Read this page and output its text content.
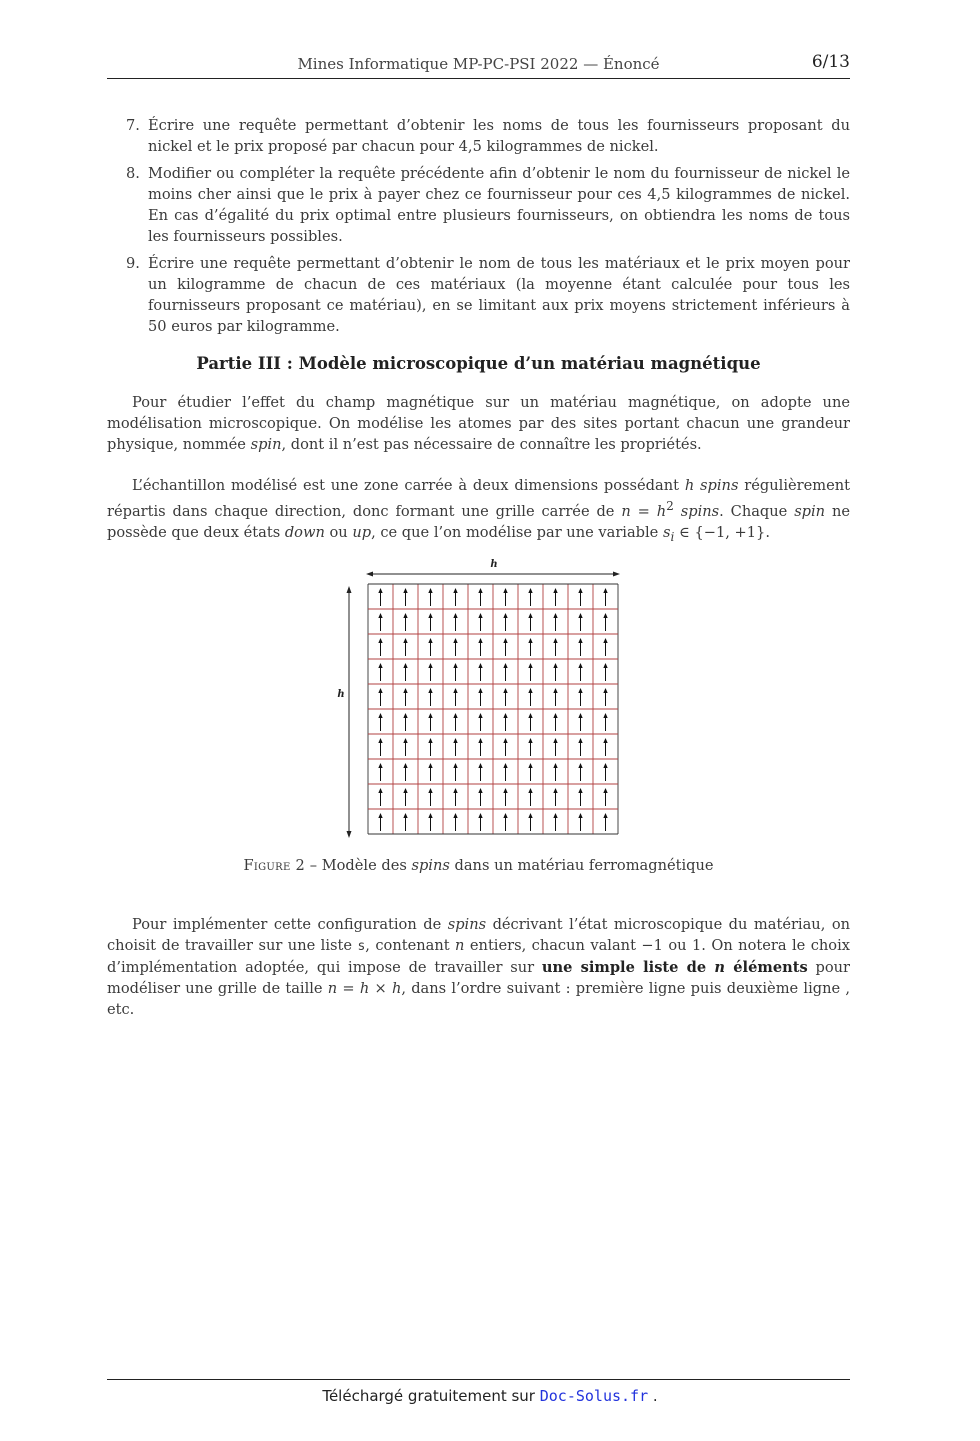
Mines Informatique MP-PC-PSI 2022 — Énoncé	6/13
7. Écrire une requête permettant d’obtenir les noms de tous les fournisseurs proposant du nickel et le prix proposé par chacun pour 4,5 kilogrammes de nickel.
8. Modifier ou compléter la requête précédente afin d’obtenir le nom du fournisseur de nickel le moins cher ainsi que le prix à payer chez ce fournisseur pour ces 4,5 kilogrammes de nickel. En cas d’égalité du prix optimal entre plusieurs fournisseurs, on obtiendra les noms de tous les fournisseurs possibles.
9. Écrire une requête permettant d’obtenir le nom de tous les matériaux et le prix moyen pour un kilogramme de chacun de ces matériaux (la moyenne étant calculée pour tous les fournisseurs proposant ce matériau), en se limitant aux prix moyens strictement inférieurs à 50 euros par kilogramme.
Partie III : Modèle microscopique d’un matériau magnétique

Pour étudier l’effet du champ magnétique sur un matériau magnétique, on adopte une modélisation microscopique. On modélise les atomes par des sites portant chacun une grandeur physique, nommée spin, dont il n’est pas nécessaire de connaître les propriétés.

L’échantillon modélisé est une zone carrée à deux dimensions possédant h spins régulièrement répartis dans chaque direction, donc formant une grille carrée de $n = h^2$ spins. Chaque spin ne possède que deux états down ou up, ce que l’on modélise par une variable $s_i$ ∈ {−1, +1}.

h
h
Figure 2 – Modèle des spins dans un matériau ferromagnétique

Pour implémenter cette configuration de spins décrivant l’état microscopique du matériau, on choisit de travailler sur une liste s, contenant n entiers, chacun valant −1 ou 1. On notera le choix d’implémentation adoptée, qui impose de travailler sur une simple liste de n éléments pour modéliser une grille de taille n = h × h, dans l’ordre suivant : première ligne puis deuxième ligne , etc.

Téléchargé gratuitement sur Doc-Solus.fr .
